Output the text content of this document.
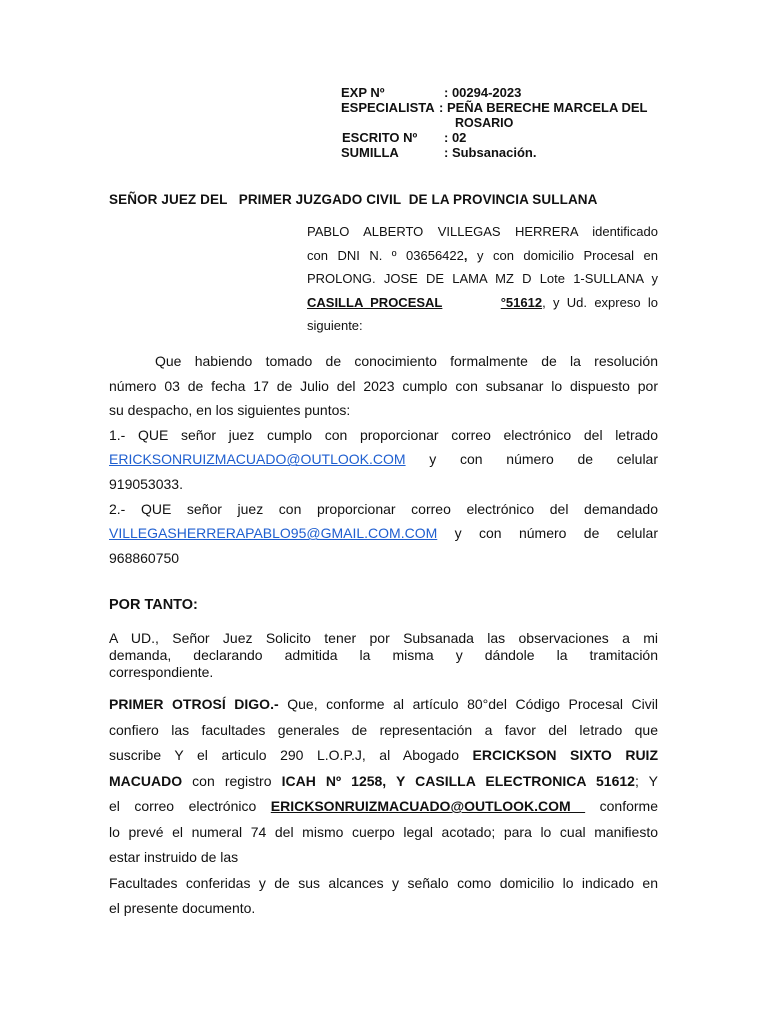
EXP Nº	: 00294-2023
ESPECIALISTA : PEÑA BERECHE MARCELA DEL
ROSARIO
ESCRITO Nº : 02
SUMILLA	: Subsanación.
SEÑOR JUEZ DEL   PRIMER JUZGADO CIVIL  DE LA PROVINCIA SULLANA
PABLO ALBERTO VILLEGAS HERRERA identificado
con DNI N. º 03656422, y con domicilio Procesal en
PROLONG. JOSE DE LAMA MZ D Lote 1-SULLANA y
CASILLA PROCESAL	°51612, y Ud. expreso lo
siguiente:
Que habiendo tomado de conocimiento formalmente de la resolución
número 03 de fecha 17 de Julio del 2023 cumplo con subsanar lo dispuesto por
su despacho, en los siguientes puntos:
1.- QUE señor juez cumplo con proporcionar correo electrónico del letrado
ERICKSONRUIZMACUADO@OUTLOOK.COM y con número de celular
919053033.
2.- QUE señor juez con proporcionar correo electrónico del demandado
VILLEGASHERRERAPABLO95@GMAIL.COM.COM y con número de celular
968860750
POR TANTO:
A UD., Señor Juez Solicito tener por Subsanada las observaciones a mi
demanda, declarando admitida la misma y dándole la tramitación
correspondiente.
PRIMER OTROSÍ DIGO.- Que, conforme al artículo 80°del Código Procesal Civil
confiero las facultades generales de representación a favor del letrado que
suscribe Y el articulo 290 L.O.P.J, al Abogado ERCICKSON SIXTO RUIZ
MACUADO con registro ICAH Nº 1258, Y CASILLA ELECTRONICA 51612; Y
el correo electrónico ERICKSONRUIZMACUADO@OUTLOOK.COM  conforme
lo prevé el numeral 74 del mismo cuerpo legal acotado; para lo cual manifiesto
estar instruido de las
Facultades conferidas y de sus alcances y señalo como domicilio lo indicado en
el presente documento.
